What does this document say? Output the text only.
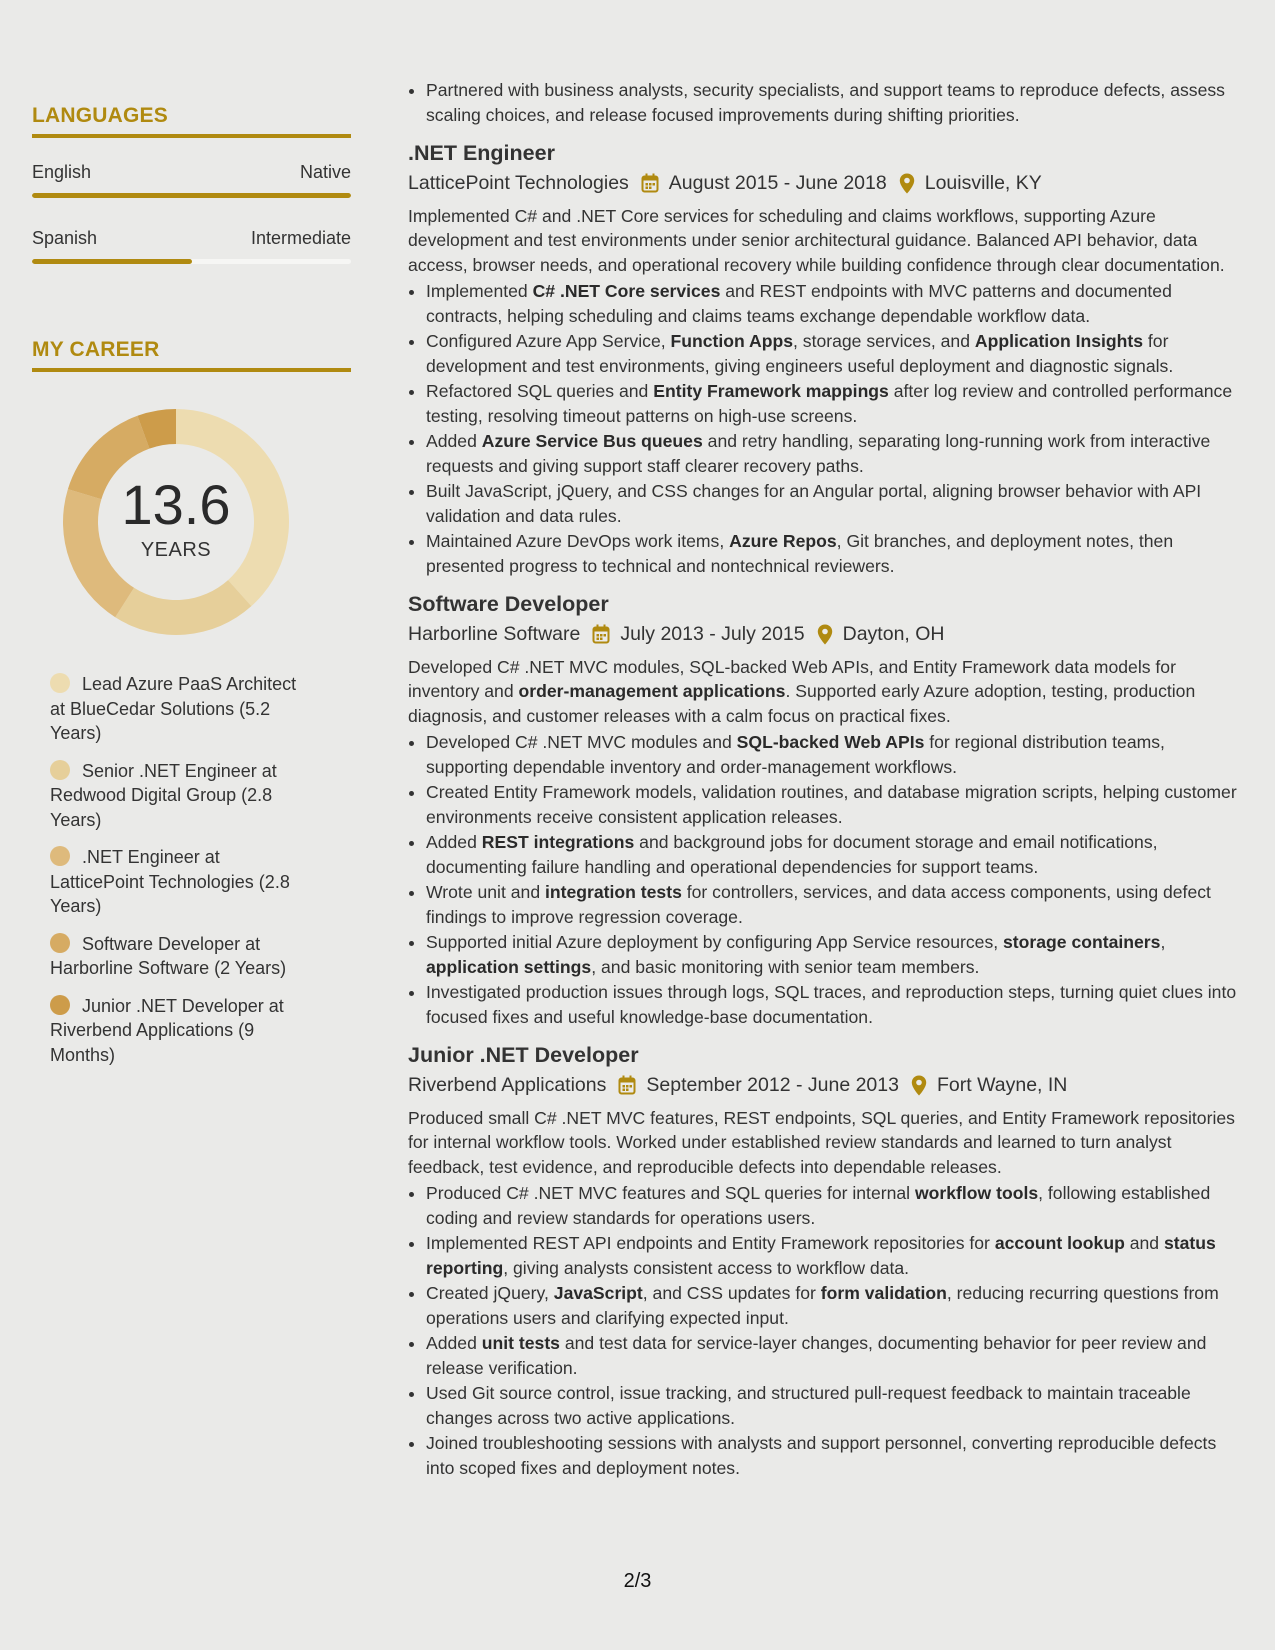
LANGUAGES
English	Native
Spanish	Intermediate
MY CAREER
13.6
YEARS
Lead Azure PaaS Architect at BlueCedar Solutions (5.2 Years)
Senior .NET Engineer at Redwood Digital Group (2.8 Years)
.NET Engineer at LatticePoint Technologies (2.8 Years)
Software Developer at Harborline Software (2 Years)
Junior .NET Developer at Riverbend Applications (9 Months)
• Partnered with business analysts, security specialists, and support teams to reproduce defects, assess scaling choices, and release focused improvements during shifting priorities.
.NET Engineer
LatticePoint Technologies August 2015 - June 2018 Louisville, KY

Implemented C# and .NET Core services for scheduling and claims workflows, supporting Azure development and test environments under senior architectural guidance. Balanced API behavior, data access, browser needs, and operational recovery while building confidence through clear documentation.

• Implemented C# .NET Core services and REST endpoints with MVC patterns and documented contracts, helping scheduling and claims teams exchange dependable workflow data.
• Configured Azure App Service, Function Apps, storage services, and Application Insights for development and test environments, giving engineers useful deployment and diagnostic signals.
• Refactored SQL queries and Entity Framework mappings after log review and controlled performance testing, resolving timeout patterns on high-use screens.
• Added Azure Service Bus queues and retry handling, separating long-running work from interactive requests and giving support staff clearer recovery paths.
• Built JavaScript, jQuery, and CSS changes for an Angular portal, aligning browser behavior with API validation and data rules.
• Maintained Azure DevOps work items, Azure Repos, Git branches, and deployment notes, then presented progress to technical and nontechnical reviewers.
Software Developer
Harborline Software July 2013 - July 2015 Dayton, OH

Developed C# .NET MVC modules, SQL-backed Web APIs, and Entity Framework data models for inventory and order-management applications. Supported early Azure adoption, testing, production diagnosis, and customer releases with a calm focus on practical fixes.

• Developed C# .NET MVC modules and SQL-backed Web APIs for regional distribution teams, supporting dependable inventory and order-management workflows.
• Created Entity Framework models, validation routines, and database migration scripts, helping customer environments receive consistent application releases.
• Added REST integrations and background jobs for document storage and email notifications, documenting failure handling and operational dependencies for support teams.
• Wrote unit and integration tests for controllers, services, and data access components, using defect findings to improve regression coverage.
• Supported initial Azure deployment by configuring App Service resources, storage containers, application settings, and basic monitoring with senior team members.
• Investigated production issues through logs, SQL traces, and reproduction steps, turning quiet clues into focused fixes and useful knowledge-base documentation.
Junior .NET Developer
Riverbend Applications September 2012 - June 2013 Fort Wayne, IN

Produced small C# .NET MVC features, REST endpoints, SQL queries, and Entity Framework repositories for internal workflow tools. Worked under established review standards and learned to turn analyst feedback, test evidence, and reproducible defects into dependable releases.

• Produced C# .NET MVC features and SQL queries for internal workflow tools, following established coding and review standards for operations users.
• Implemented REST API endpoints and Entity Framework repositories for account lookup and status reporting, giving analysts consistent access to workflow data.
• Created jQuery, JavaScript, and CSS updates for form validation, reducing recurring questions from operations users and clarifying expected input.
• Added unit tests and test data for service-layer changes, documenting behavior for peer review and release verification.
• Used Git source control, issue tracking, and structured pull-request feedback to maintain traceable changes across two active applications.
• Joined troubleshooting sessions with analysts and support personnel, converting reproducible defects into scoped fixes and deployment notes.
2/3
